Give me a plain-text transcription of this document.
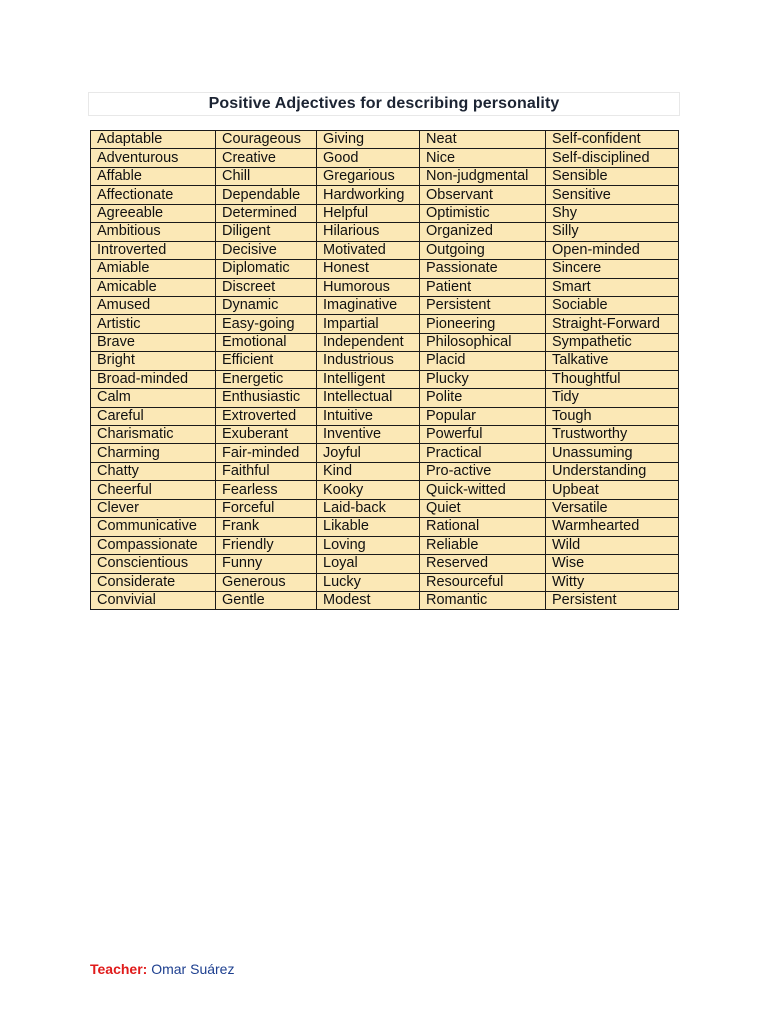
Positive Adjectives for describing personality
Adaptable	Courageous	Giving	Neat	Self-confident
Adventurous	Creative	Good	Nice	Self-disciplined
Affable	Chill	Gregarious	Non-judgmental	Sensible
Affectionate	Dependable	Hardworking	Observant	Sensitive
Agreeable	Determined	Helpful	Optimistic	Shy
Ambitious	Diligent	Hilarious	Organized	Silly
Introverted	Decisive	Motivated	Outgoing	Open-minded
Amiable	Diplomatic	Honest	Passionate	Sincere
Amicable	Discreet	Humorous	Patient	Smart
Amused	Dynamic	Imaginative	Persistent	Sociable
Artistic	Easy-going	Impartial	Pioneering	Straight-Forward
Brave	Emotional	Independent	Philosophical	Sympathetic
Bright	Efficient	Industrious	Placid	Talkative
Broad-minded	Energetic	Intelligent	Plucky	Thoughtful
Calm	Enthusiastic	Intellectual	Polite	Tidy
Careful	Extroverted	Intuitive	Popular	Tough
Charismatic	Exuberant	Inventive	Powerful	Trustworthy
Charming	Fair-minded	Joyful	Practical	Unassuming
Chatty	Faithful	Kind	Pro-active	Understanding
Cheerful	Fearless	Kooky	Quick-witted	Upbeat
Clever	Forceful	Laid-back	Quiet	Versatile
Communicative	Frank	Likable	Rational	Warmhearted
Compassionate	Friendly	Loving	Reliable	Wild
Conscientious	Funny	Loyal	Reserved	Wise
Considerate	Generous	Lucky	Resourceful	Witty
Convivial	Gentle	Modest	Romantic	Persistent
Teacher: Omar Suárez
